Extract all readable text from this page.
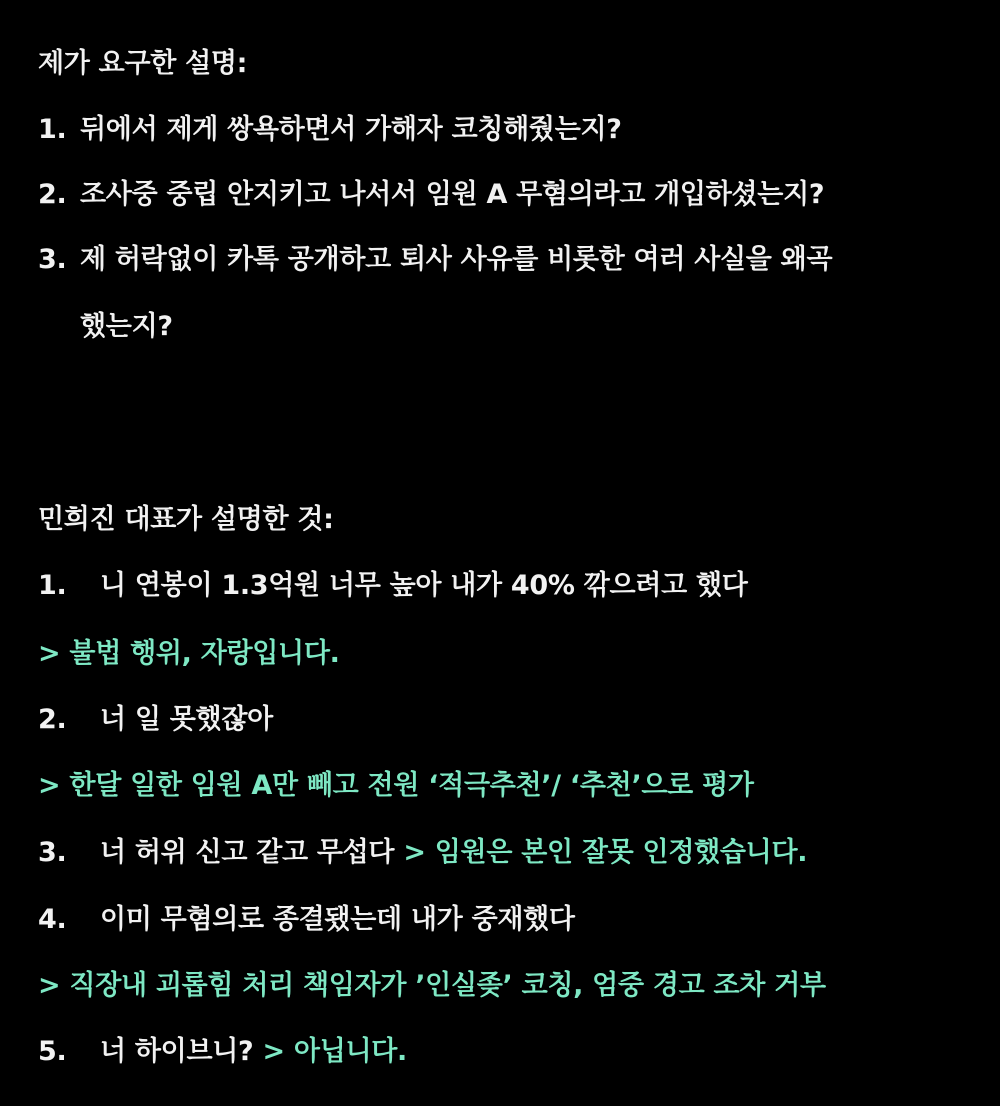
제가 요구한 설명:
1. 뒤에서 제게 쌍욕하면서 가해자 코칭해줬는지?
2. 조사중 중립 안지키고 나서서 임원 A 무혐의라고 개입하셨는지?
3. 제 허락없이 카톡 공개하고 퇴사 사유를 비롯한 여러 사실을 왜곡
했는지?
민희진 대표가 설명한 것:
1. 니 연봉이 1.3억원 너무 높아 내가 40% 깎으려고 했다
> 불법 행위, 자랑입니다.
2. 너 일 못했잖아
> 한달 일한 임원 A만 빼고 전원 ‘적극추천’/ ‘추천’으로 평가
3. 너 허위 신고 같고 무섭다 > 임원은 본인 잘못 인정했습니다.
4. 이미 무혐의로 종결됐는데 내가 중재했다
> 직장내 괴롭힘 처리 책임자가 ’인실좆’ 코칭, 엄중 경고 조차 거부
5. 너 하이브니? > 아닙니다.
